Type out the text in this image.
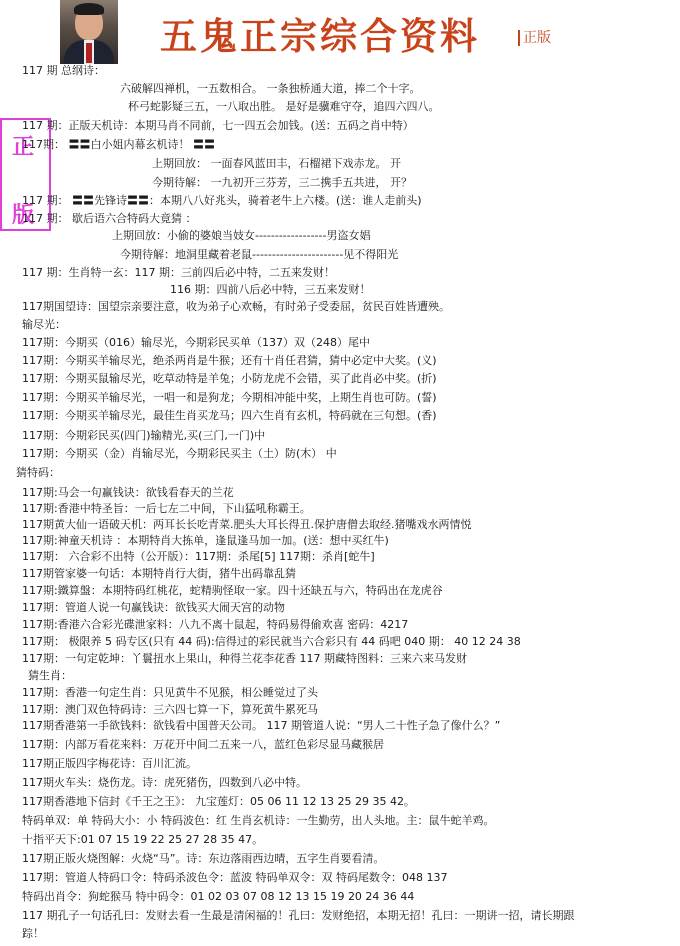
五鬼正宗综合资料	正版
正
版
117 期 总纲诗：
六破解四禅机，一五数相合。 一条独桥通大道，捧二个十字。
杯弓蛇影疑三五，一八取出胜。 是好是骥难守夺，追四六四八。
117 期：正版天机诗：本期马肖不同前，七一四五会加钱。(送：五码之肖中特）
117期： 〓〓白小姐内幕玄机诗！ 〓〓
上期回放： 一面春风蓝田丰，石榴裙下戏赤龙。 开
今期待解： 一九初开三芬芳，三二携手五共进， 开？
117 期： 〓〓先锋诗〓〓：本期八八好兆头，骑着老牛上六楼。(送：谁人走前头)
117 期： 歇后语六合特码大竟猜 ：
上期回放：小偷的婆娘当妓女------------------男盗女娼
今期待解：地洞里藏着老鼠-----------------------见不得阳光
117 期：生肖特一玄：117 期：三前四后必中特，二五来发财！
116 期：四前八后必中特，三五来发财！
117期国望诗：国望宗亲要注意，收为弟子心欢畅，有时弟子受委屈，贫民百姓皆遭殃。
输尽光：
117期：今期买（016）输尽光，今期彩民买单（137）双（248）尾中
117期：今期买羊输尽光，绝杀两肖是牛猴；还有十肖任君猜，猜中必定中大奖。(义)
117期：今期买鼠输尽光，吃草动特是羊兔；小防龙虎不会错，买了此肖必中奖。(折)
117期：今期买羊输尽光，一唱一和是狗龙；今期相冲能中奖，上期生肖也可防。(誓)
117期：今期买羊输尽光，最佳生肖买龙马；四六生肖有玄机，特码就在三句想。(香)
117期：今期彩民买(四门)输精光,买(三门,一门)中
117期：今期买（金）肖输尽光，今期彩民买主（土）防(木） 中
猜特码：
117期:马会一句赢钱诀：欲钱看春天的兰花
117期:香港中特圣旨：一后七左二中间，下山猛吼称霸王。
117期黄大仙一语破天机：两耳长长吃青菜.肥头大耳长得丑.保护唐僧去取经.猪嘴戏水两情悦
117期:神童天机诗 ：本期特肖大拣单，逢鼠逢马加一加。(送：想中买红牛)
117期： 六合彩不出特（公开版）：117期：杀尾[5] 117期：杀肖[蛇牛]
117期管家婆一句话：本期特肖行大街，猪牛出码靠乱猜
117期:鐵算盤：本期特码红桃花，蛇精驹怪取一家。四十还缺五与六，特码出在龙虎谷
117期：管道人说一句赢钱诀：欲钱买大闹天宫的动物
117期:香港六合彩光碟泄家料：八九不离十鼠起，特码易得偷欢喜 密码：4217
117期： 极限养 5 码专区(只有 44 码):信得过的彩民就当六合彩只有 44 码吧 040 期： 40 12 24 38
117期：一句定乾坤：丫鬟扭水上果山，种得兰花李花香 117 期藏特图料：三来六来马发财
猜生肖：
117期：香港一句定生肖：只见黄牛不见猴，相公睡觉过了头
117期：澳门双色特码诗：三六四七算一下，算死黄牛累死马
117期香港第一手欲钱料：欲钱看中国普天公司。 117 期管道人说：“男人二十性子急了像什么？”
117期：内部万看花来料：万花开中间二五来一八，蓝红色彩尽显马藏猴居
117期正版四字梅花诗：百川汇流。
117期火车头：烧伤龙。诗：虎死猪伤，四数到八必中特。
117期香港地下信封《千王之王》： 九宝莲灯：05 06 11 12 13 25 29 35 42。
特码单双：单 特码大小：小 特码波色：红 生肖玄机诗：一生勤劳，出人头地。主：鼠牛蛇羊鸡。
十指平天下:01 07 15 19 22 25 27 28 35 47。
117期正版火烧图解：火烧“马”。诗：东边落雨西边晴，五字生肖要看清。
117期：管道人特码口令：特码杀波色令：蓝波 特码单双令：双 特码尾数令：048 137
特码出肖令：狗蛇猴马 特中码令：01 02 03 07 08 12 13 15 19 20 24 36 44
117 期孔子一句话孔曰：发财去看一生最是清闲福的！孔曰：发财绝招，本期无招！孔曰：一期讲一招，请长期跟
踪！
